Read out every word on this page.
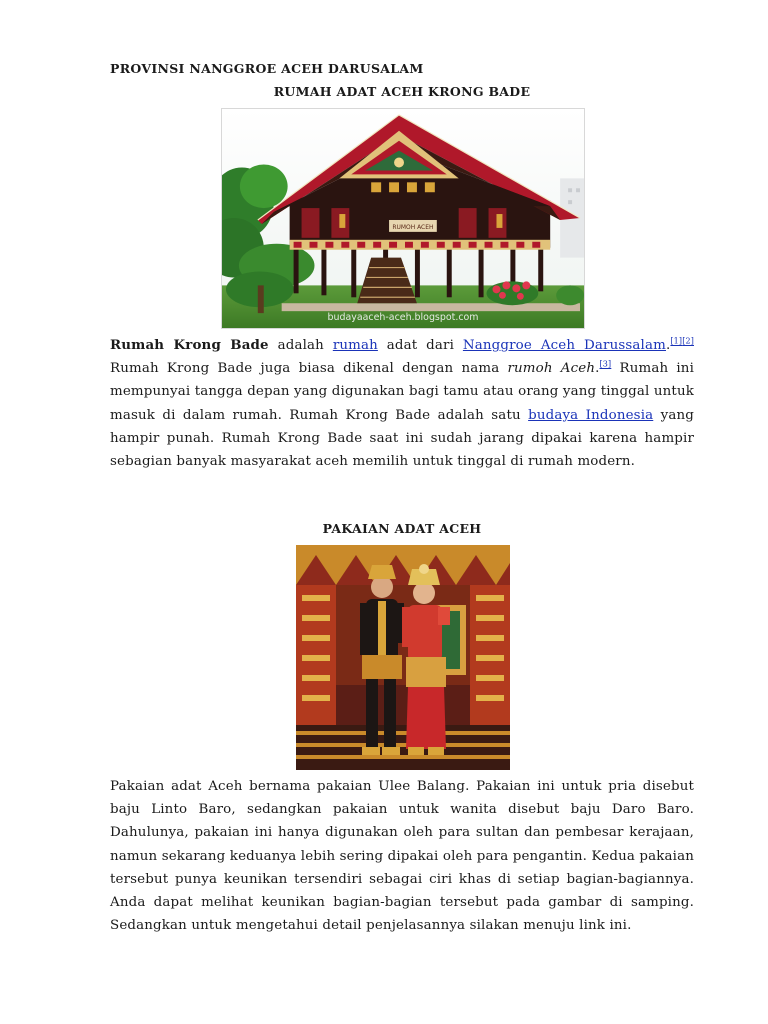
PROVINSI NANGGROE ACEH DARUSALAM
RUMAH ADAT ACEH KRONG BADE
RUMOH ACEH
budayaaceh-aceh.blogspot.com

Rumah Krong Bade adalah rumah adat dari Nanggroe Aceh Darussalam.[1][2] Rumah Krong Bade juga biasa dikenal dengan nama rumoh Aceh.[3] Rumah ini mempunyai tangga depan yang digunakan bagi tamu atau orang yang tinggal untuk masuk di dalam rumah. Rumah Krong Bade adalah satu budaya Indonesia yang hampir punah. Rumah Krong Bade saat ini sudah jarang dipakai karena hampir sebagian banyak masyarakat aceh memilih untuk tinggal di rumah modern.

PAKAIAN ADAT ACEH

Pakaian adat Aceh bernama pakaian Ulee Balang. Pakaian ini untuk pria disebut baju Linto Baro, sedangkan pakaian untuk wanita disebut baju Daro Baro. Dahulunya, pakaian ini hanya digunakan oleh para sultan dan pembesar kerajaan, namun sekarang keduanya lebih sering dipakai oleh para pengantin. Kedua pakaian tersebut punya keunikan tersendiri sebagai ciri khas di setiap bagian-bagiannya. Anda dapat melihat keunikan bagian-bagian tersebut pada gambar di samping. Sedangkan untuk mengetahui detail penjelasannya silakan menuju link ini.
